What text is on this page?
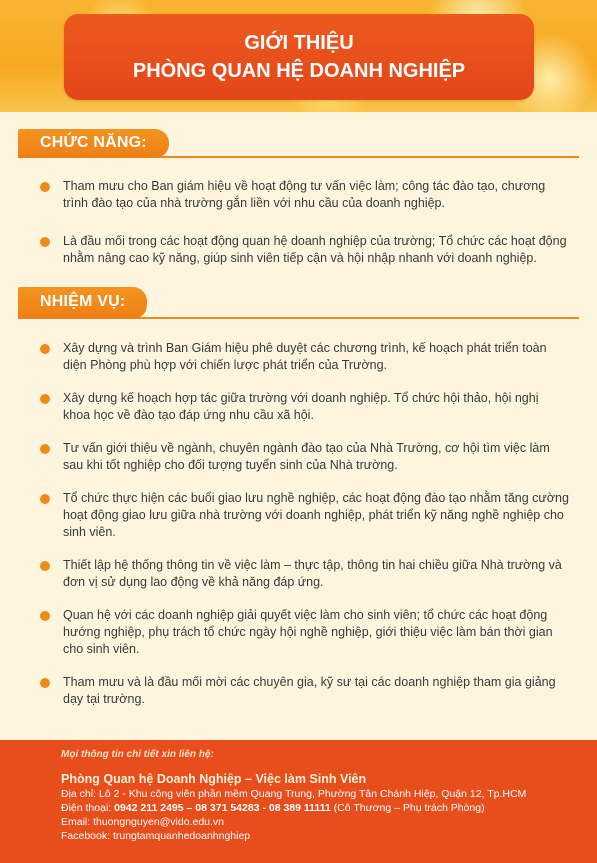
GIỚI THIỆU
PHÒNG QUAN HỆ DOANH NGHIỆP
CHỨC NĂNG:
Tham mưu cho Ban giám hiệu về hoạt động tư vấn việc làm; công tác đào tạo, chương trình đào tạo của nhà trường gắn liền với nhu cầu của doanh nghiệp.
Là đầu mối trong các hoạt động quan hệ doanh nghiệp của trường; Tổ chức các hoạt động nhằm nâng cao kỹ năng, giúp sinh viên tiếp cận và hội nhập nhanh với doanh nghiệp.
NHIỆM VỤ:
Xây dựng và trình Ban Giám hiệu phê duyệt các chương trình, kế hoạch phát triển toàn diện Phòng phù hợp với chiến lược phát triển của Trường.
Xây dựng kế hoạch hợp tác giữa trường với doanh nghiệp. Tổ chức hội thảo, hội nghị khoa học về đào tạo đáp ứng nhu cầu xã hội.
Tư vấn giới thiệu về ngành, chuyên ngành đào tạo của Nhà Trường, cơ hội tìm việc làm sau khi tốt nghiệp cho đối tượng tuyển sinh của Nhà trường.
Tổ chức thực hiện các buổi giao lưu nghề nghiệp, các hoạt động đào tạo nhằm tăng cường hoạt động giao lưu giữa nhà trường với doanh nghiệp, phát triển kỹ năng nghề nghiệp cho sinh viên.
Thiết lập hệ thống thông tin về việc làm – thực tập, thông tin hai chiều giữa Nhà trường và đơn vị sử dụng lao động về khả năng đáp ứng.
Quan hệ với các doanh nghiệp giải quyết việc làm cho sinh viên; tổ chức các hoạt động hướng nghiệp, phụ trách tổ chức ngày hội nghề nghiệp, giới thiệu việc làm bán thời gian cho sinh viên.
Tham mưu và là đầu mối mời các chuyên gia, kỹ sư tại các doanh nghiệp tham gia giảng dạy tại trường.
Mọi thông tin chi tiết xin liên hệ:
Phòng Quan hệ Doanh Nghiệp – Việc làm Sinh Viên
Địa chỉ: Lô 2 - Khu công viên phần mềm Quang Trung, Phường Tân Chánh Hiệp, Quận 12, Tp.HCM
Điện thoại: 0942 211 2495 – 08 371 54283 - 08 389 11111 (Cô Thương – Phụ trách Phòng)
Email: thuongnguyen@vido.edu.vn
Facebook: trungtamquanhedoanhnghiep
